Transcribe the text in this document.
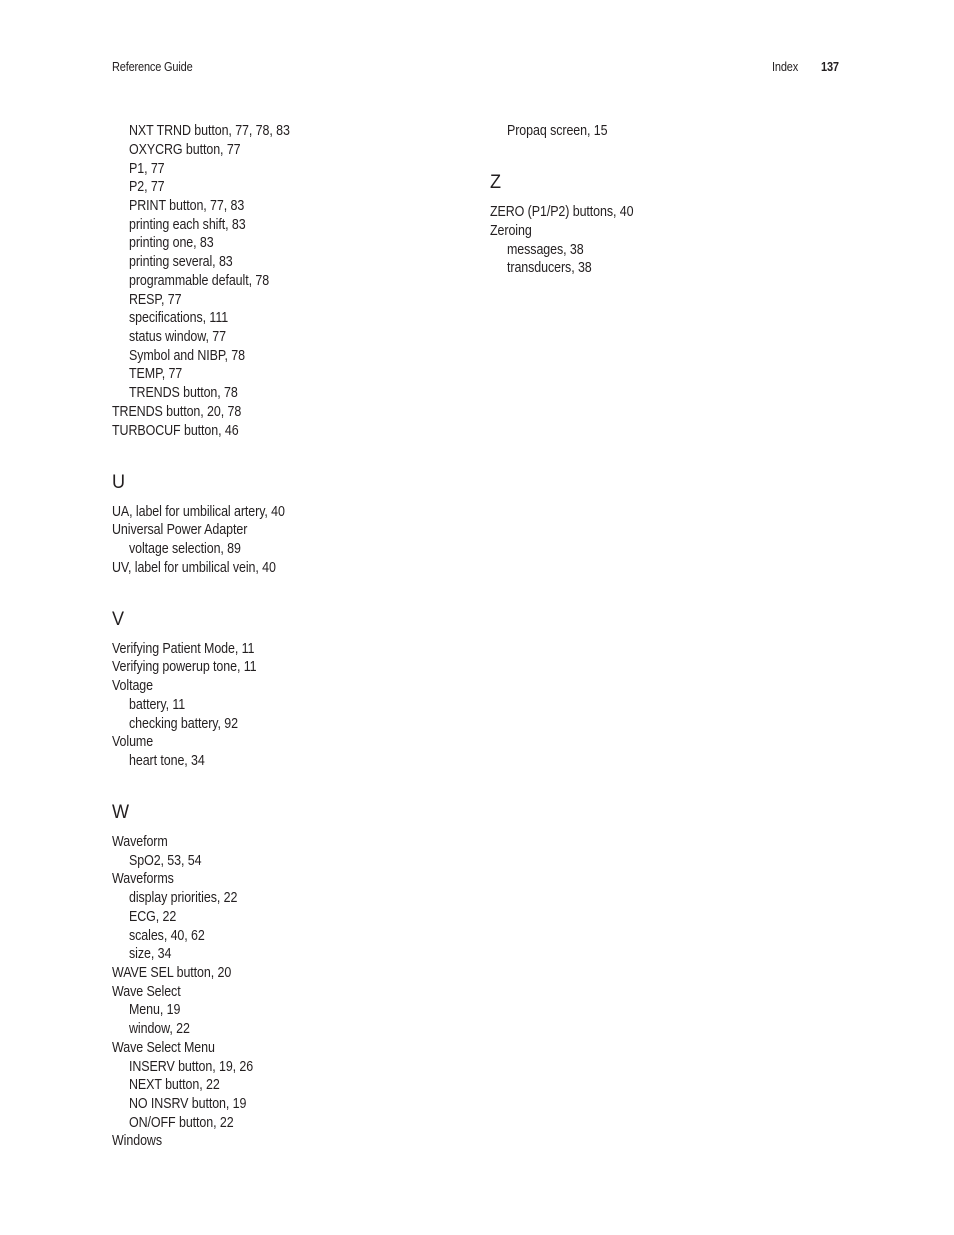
Reference Guide	Index 137
NXT TRND button, 77, 78, 83
OXYCRG button, 77
P1, 77
P2, 77
PRINT button, 77, 83
printing each shift, 83
printing one, 83
printing several, 83
programmable default, 78
RESP, 77
specifications, 111
status window, 77
Symbol and NIBP, 78
TEMP, 77
TRENDS button, 78
TRENDS button, 20, 78
TURBOCUF button, 46
U
UA, label for umbilical artery, 40
Universal Power Adapter
voltage selection, 89
UV, label for umbilical vein, 40
V
Verifying Patient Mode, 11
Verifying powerup tone, 11
Voltage
battery, 11
checking battery, 92
Volume
heart tone, 34
W
Waveform
SpO2, 53, 54
Waveforms
display priorities, 22
ECG, 22
scales, 40, 62
size, 34
WAVE SEL button, 20
Wave Select
Menu, 19
window, 22
Wave Select Menu
INSERV button, 19, 26
NEXT button, 22
NO INSRV button, 19
ON/OFF button, 22
Windows
Propaq screen, 15
Z
ZERO (P1/P2) buttons, 40
Zeroing
messages, 38
transducers, 38
